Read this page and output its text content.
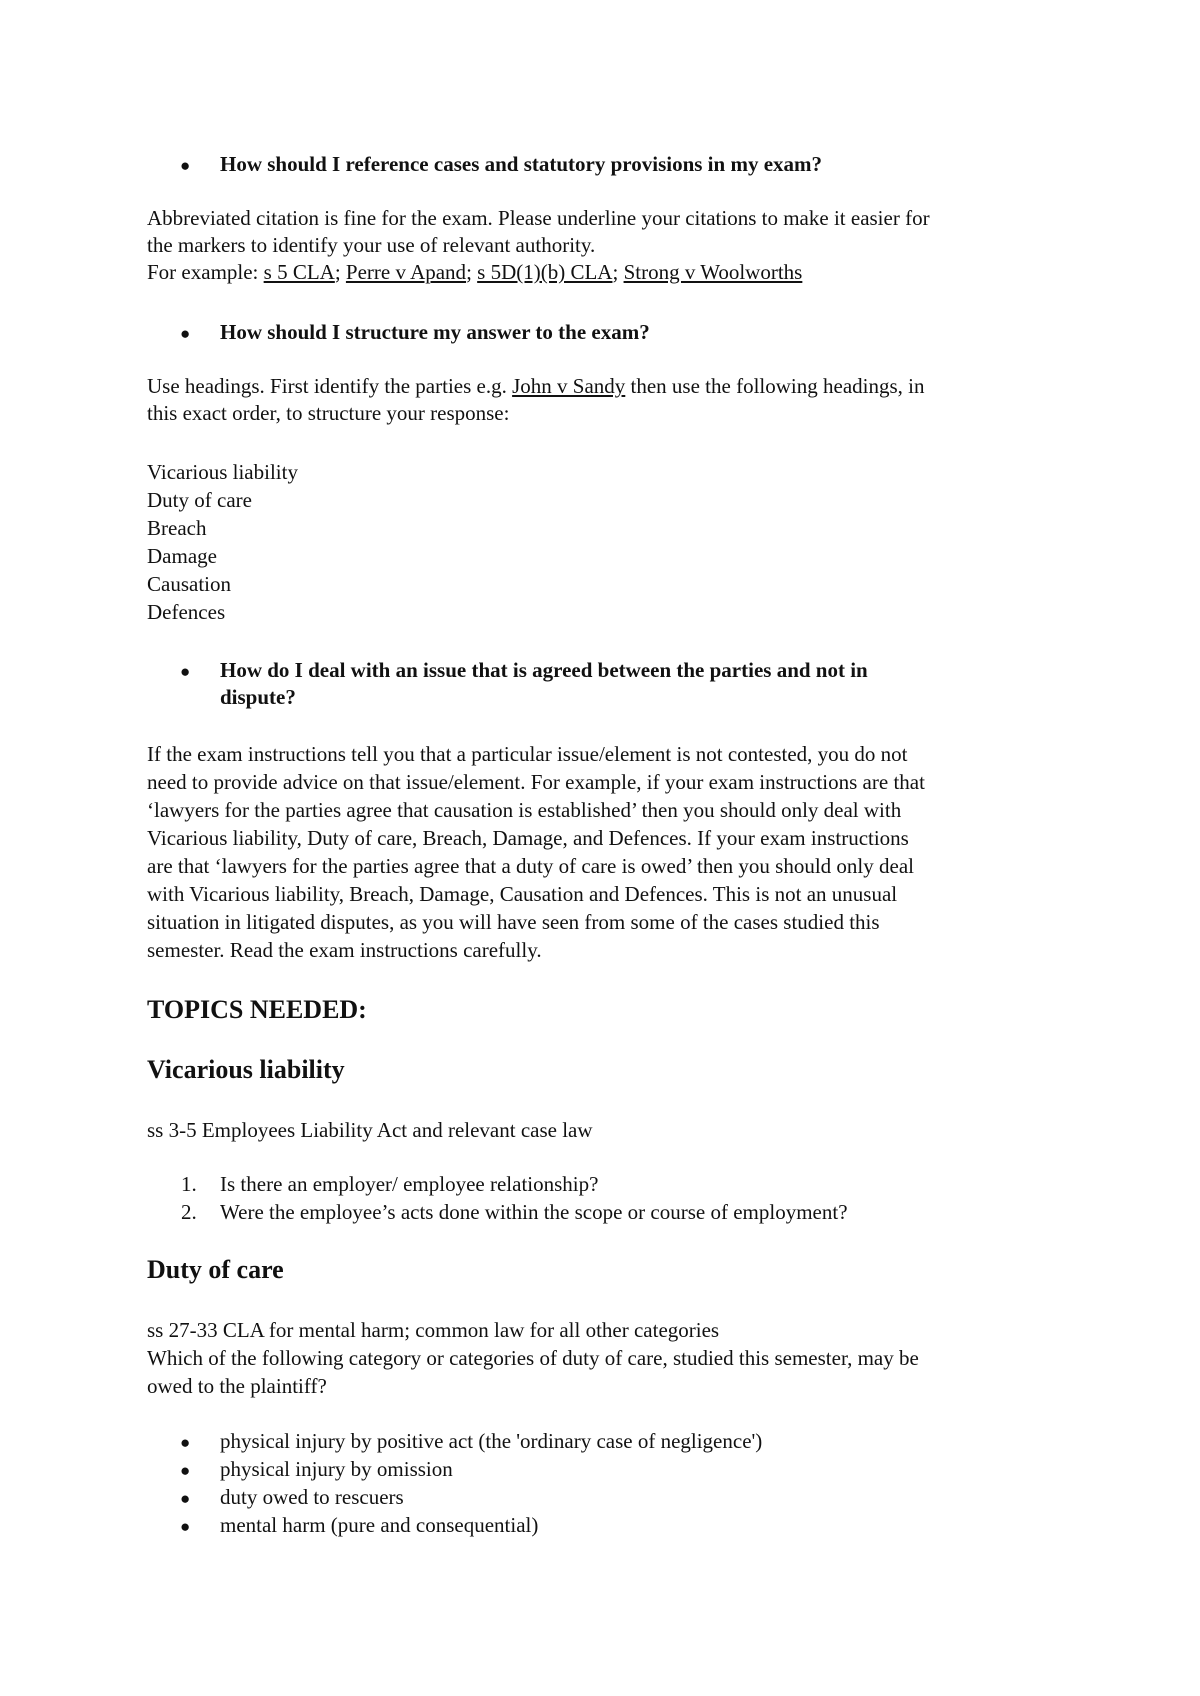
● How should I reference cases and statutory provisions in my exam?

Abbreviated citation is fine for the exam. Please underline your citations to make it easier for

the markers to identify your use of relevant authority.

For example: s 5 CLA; Perre v Apand; s 5D(1)(b) CLA; Strong v Woolworths

● How should I structure my answer to the exam?

Use headings. First identify the parties e.g. John v Sandy then use the following headings, in

this exact order, to structure your response:

Vicarious liability

Duty of care

Breach

Damage

Causation

Defences

● How do I deal with an issue that is agreed between the parties and not in

dispute?

If the exam instructions tell you that a particular issue/element is not contested, you do not

need to provide advice on that issue/element. For example, if your exam instructions are that

‘lawyers for the parties agree that causation is established’ then you should only deal with

Vicarious liability, Duty of care, Breach, Damage, and Defences. If your exam instructions

are that ‘lawyers for the parties agree that a duty of care is owed’ then you should only deal

with Vicarious liability, Breach, Damage, Causation and Defences. This is not an unusual

situation in litigated disputes, as you will have seen from some of the cases studied this

semester. Read the exam instructions carefully.

TOPICS NEEDED:
Vicarious liability

ss 3-5 Employees Liability Act and relevant case law

1. Is there an employer/ employee relationship?

2. Were the employee’s acts done within the scope or course of employment?

Duty of care

ss 27-33 CLA for mental harm; common law for all other categories

Which of the following category or categories of duty of care, studied this semester, may be

owed to the plaintiff?

● physical injury by positive act (the 'ordinary case of negligence')

● physical injury by omission

● duty owed to rescuers

● mental harm (pure and consequential)
